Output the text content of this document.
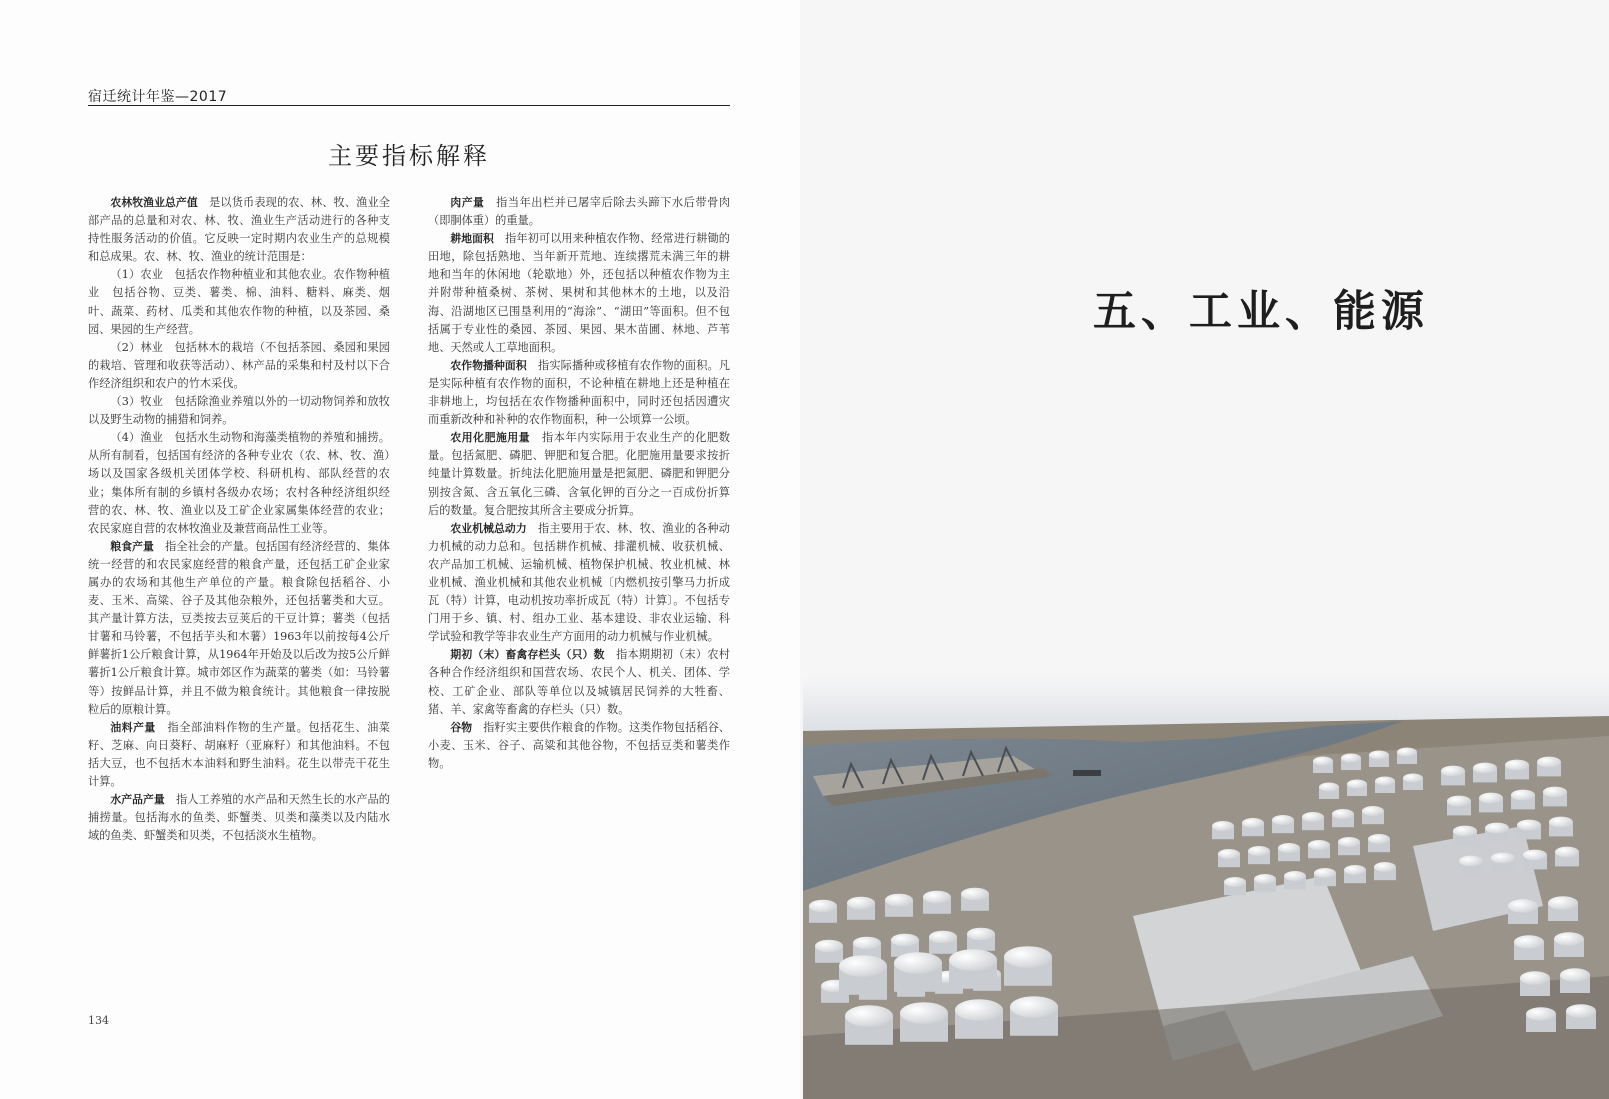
宿迁统计年鉴—2017
主要指标解释

农林牧渔业总产值　 是以货币表现的农、林、牧、渔业全部产品的总量和对农、林、牧、渔业生产活动进行的各种支持性服务活动的价值。它反映一定时期内农业生产的总规模和总成果。农、林、牧、渔业的统计范围是：

（1）农业　包括农作物种植业和其他农业。农作物种植业　包括谷物、豆类、薯类、棉、油料、糖料、麻类、烟叶、蔬菜、药材、瓜类和其他农作物的种植，以及茶园、桑园、果园的生产经营。

（2）林业　包括林木的栽培（不包括茶园、桑园和果园的栽培、管理和收获等活动）、林产品的采集和村及村以下合作经济组织和农户的竹木采伐。

（3）牧业　包括除渔业养殖以外的一切动物饲养和放牧以及野生动物的捕猎和饲养。

（4）渔业　包括水生动物和海藻类植物的养殖和捕捞。从所有制看，包括国有经济的各种专业农（农、林、牧、渔）场以及国家各级机关团体学校、科研机构、部队经营的农业；集体所有制的乡镇村各级办农场；农村各种经济组织经营的农、林、牧、渔业以及工矿企业家属集体经营的农业；农民家庭自营的农林牧渔业及兼营商品性工业等。

粮食产量　 指全社会的产量。包括国有经济经营的、集体统一经营的和农民家庭经营的粮食产量，还包括工矿企业家属办的农场和其他生产单位的产量。粮食除包括稻谷、小麦、玉米、高粱、谷子及其他杂粮外，还包括薯类和大豆。其产量计算方法，豆类按去豆荚后的干豆计算；薯类（包括甘薯和马铃薯，不包括芋头和木薯）1963年以前按每4公斤鲜薯折1公斤粮食计算，从1964年开始及以后改为按5公斤鲜薯折1公斤粮食计算。城市郊区作为蔬菜的薯类（如：马铃薯等）按鲜品计算，并且不做为粮食统计。其他粮食一律按脱粒后的原粮计算。

油料产量　 指全部油料作物的生产量。包括花生、油菜籽、芝麻、向日葵籽、胡麻籽（亚麻籽）和其他油料。不包括大豆，也不包括木本油料和野生油料。花生以带壳干花生计算。

水产品产量　 指人工养殖的水产品和天然生长的水产品的捕捞量。包括海水的鱼类、虾蟹类、贝类和藻类以及内陆水域的鱼类、虾蟹类和贝类，不包括淡水生植物。

肉产量　 指当年出栏并已屠宰后除去头蹄下水后带骨肉（即胴体重）的重量。

耕地面积　 指年初可以用来种植农作物、经常进行耕锄的田地，除包括熟地、当年新开荒地、连续撂荒未满三年的耕地和当年的休闲地（轮歇地）外，还包括以种植农作物为主并附带种植桑树、茶树、果树和其他林木的土地，以及沿海、沿湖地区已围垦利用的“海涂”、“湖田”等面积。但不包括属于专业性的桑园、茶园、果园、果木苗圃、林地、芦苇地、天然或人工草地面积。

农作物播种面积　 指实际播种或移植有农作物的面积。凡是实际种植有农作物的面积，不论种植在耕地上还是种植在非耕地上，均包括在农作物播种面积中，同时还包括因遭灾而重新改种和补种的农作物面积，种一公顷算一公顷。

农用化肥施用量　 指本年内实际用于农业生产的化肥数量。包括氮肥、磷肥、钾肥和复合肥。化肥施用量要求按折纯量计算数量。折纯法化肥施用量是把氮肥、磷肥和钾肥分别按含氮、含五氧化三磷、含氧化钾的百分之一百成份折算后的数量。复合肥按其所含主要成分折算。

农业机械总动力　 指主要用于农、林、牧、渔业的各种动力机械的动力总和。包括耕作机械、排灌机械、收获机械、农产品加工机械、运输机械、植物保护机械、牧业机械、林业机械、渔业机械和其他农业机械〔内燃机按引擎马力折成瓦（特）计算，电动机按功率折成瓦（特）计算〕。不包括专门用于乡、镇、村、组办工业、基本建设、非农业运输、科学试验和教学等非农业生产方面用的动力机械与作业机械。

期初（末）畜禽存栏头（只）数　 指本期期初（末）农村各种合作经济组织和国营农场、农民个人、机关、团体、学校、工矿企业、部队等单位以及城镇居民饲养的大牲畜、猪、羊、家禽等畜禽的存栏头（只）数。

谷物　 指籽实主要供作粮食的作物。这类作物包括稻谷、小麦、玉米、谷子、高粱和其他谷物，不包括豆类和薯类作物。

134
五、工业、能源
